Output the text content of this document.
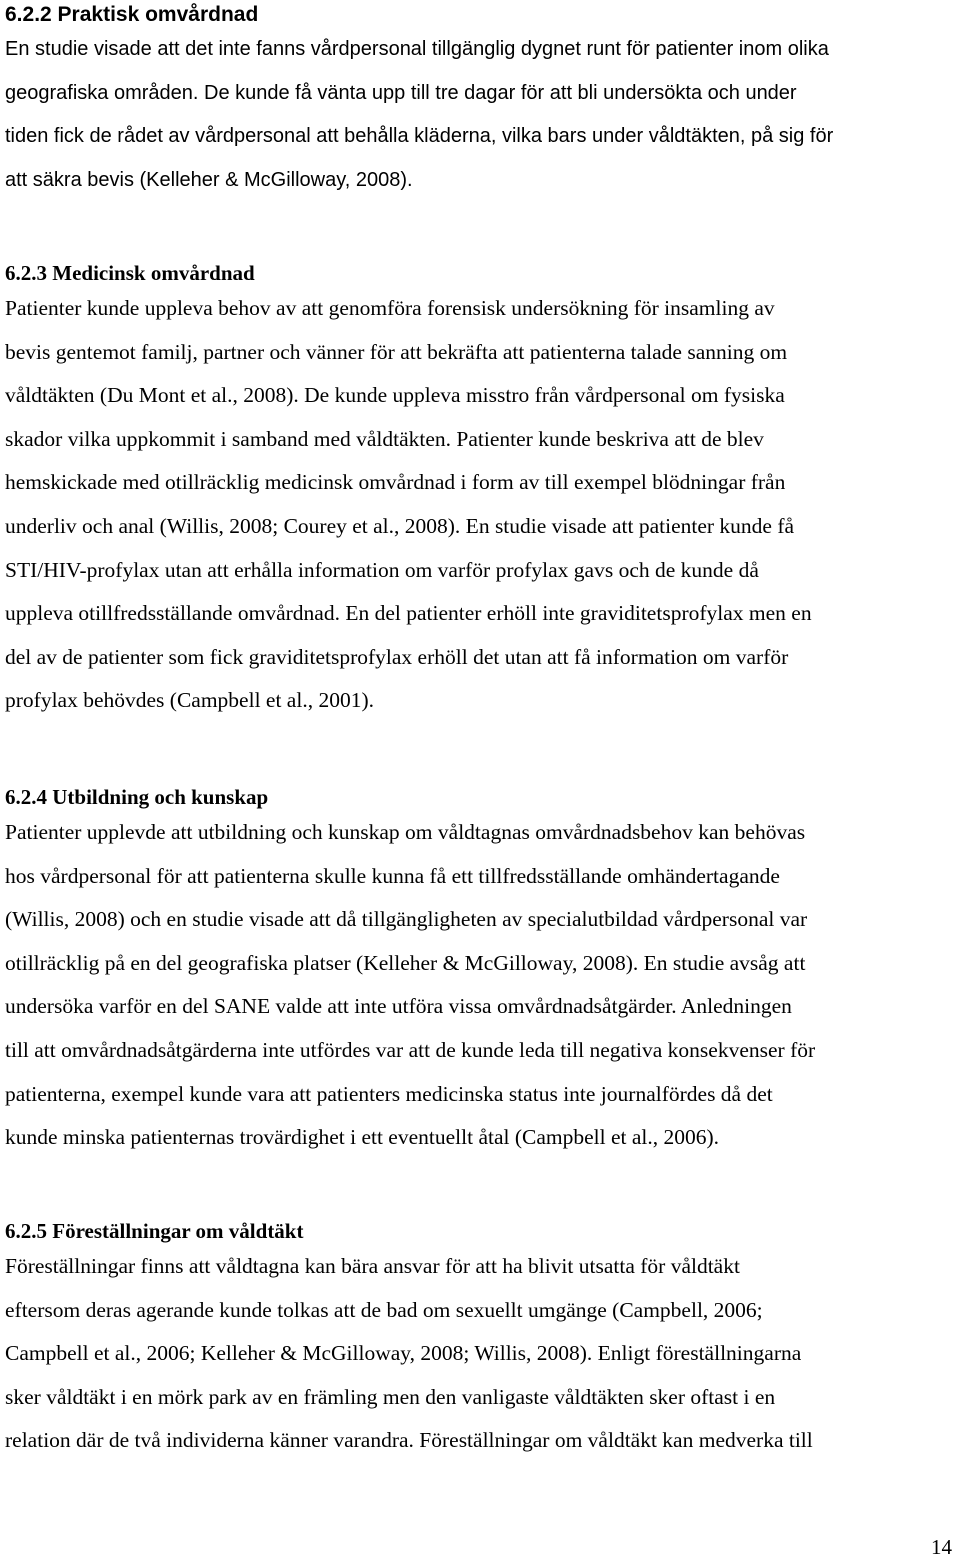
6.2.2 Praktisk omvårdnad

En studie visade att det inte fanns vårdpersonal tillgänglig dygnet runt för patienter inom olika
geografiska områden. De kunde få vänta upp till tre dagar för att bli undersökta och under
tiden fick de rådet av vårdpersonal att behålla kläderna, vilka bars under våldtäkten, på sig för
att säkra bevis (Kelleher & McGilloway, 2008).

6.2.3 Medicinsk omvårdnad

Patienter kunde uppleva behov av att genomföra forensisk undersökning för insamling av
bevis gentemot familj, partner och vänner för att bekräfta att patienterna talade sanning om
våldtäkten (Du Mont et al., 2008). De kunde uppleva misstro från vårdpersonal om fysiska
skador vilka uppkommit i samband med våldtäkten. Patienter kunde beskriva att de blev
hemskickade med otillräcklig medicinsk omvårdnad i form av till exempel blödningar från
underliv och anal (Willis, 2008; Courey et al., 2008). En studie visade att patienter kunde få
STI/HIV-profylax utan att erhålla information om varför profylax gavs och de kunde då
uppleva otillfredsställande omvårdnad. En del patienter erhöll inte graviditetsprofylax men en
del av de patienter som fick graviditetsprofylax erhöll det utan att få information om varför
profylax behövdes (Campbell et al., 2001).

6.2.4 Utbildning och kunskap

Patienter upplevde att utbildning och kunskap om våldtagnas omvårdnadsbehov kan behövas
hos vårdpersonal för att patienterna skulle kunna få ett tillfredsställande omhändertagande
(Willis, 2008) och en studie visade att då tillgängligheten av specialutbildad vårdpersonal var
otillräcklig på en del geografiska platser (Kelleher & McGilloway, 2008). En studie avsåg att
undersöka varför en del SANE valde att inte utföra vissa omvårdnadsåtgärder. Anledningen
till att omvårdnadsåtgärderna inte utfördes var att de kunde leda till negativa konsekvenser för
patienterna, exempel kunde vara att patienters medicinska status inte journalfördes då det
kunde minska patienternas trovärdighet i ett eventuellt åtal (Campbell et al., 2006).

6.2.5 Föreställningar om våldtäkt

Föreställningar finns att våldtagna kan bära ansvar för att ha blivit utsatta för våldtäkt
eftersom deras agerande kunde tolkas att de bad om sexuellt umgänge (Campbell, 2006;
Campbell et al., 2006; Kelleher & McGilloway, 2008; Willis, 2008). Enligt föreställningarna
sker våldtäkt i en mörk park av en främling men den vanligaste våldtäkten sker oftast i en
relation där de två individerna känner varandra. Föreställningar om våldtäkt kan medverka till

14
